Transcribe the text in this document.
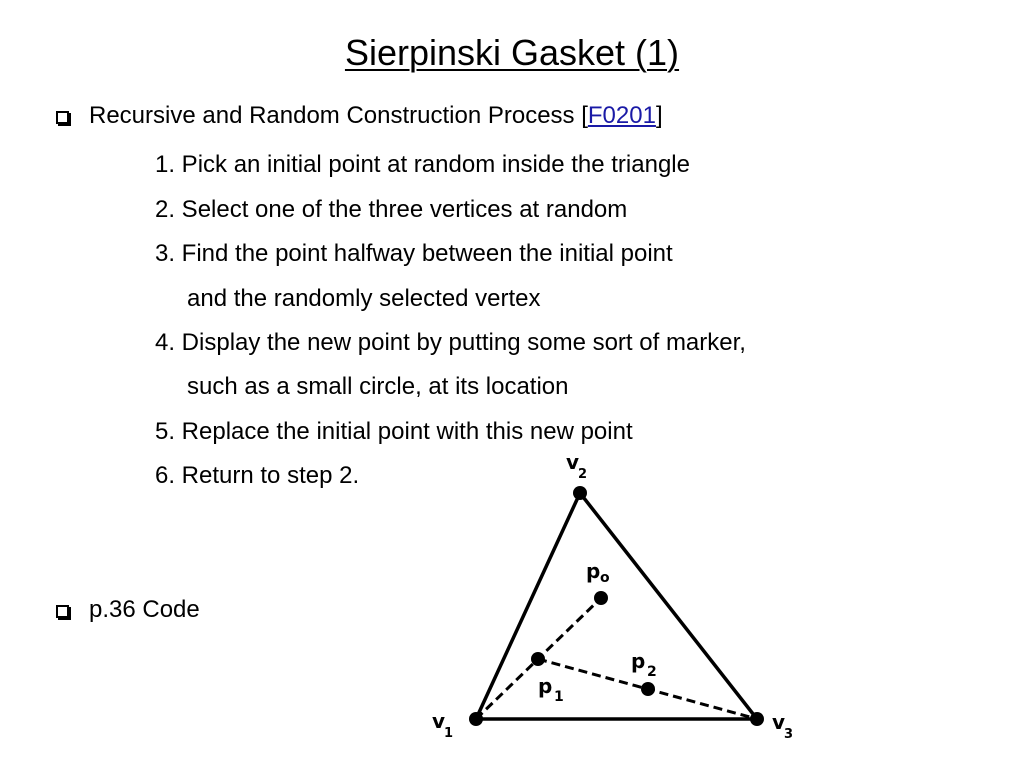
Sierpinski Gasket (1)
Recursive and Random Construction Process [ F0201 ]
1. Pick an initial point at random inside the triangle
2. Select one of the three vertices at random
3. Find the point halfway between the initial point
and the randomly selected vertex
4. Display the new point by putting some sort of marker,
such as a small circle, at its location
5. Replace the initial point with this new point
6. Return to step 2.
p.36 Code
v
1
v
2
v
3
p o
p 1
p 2
